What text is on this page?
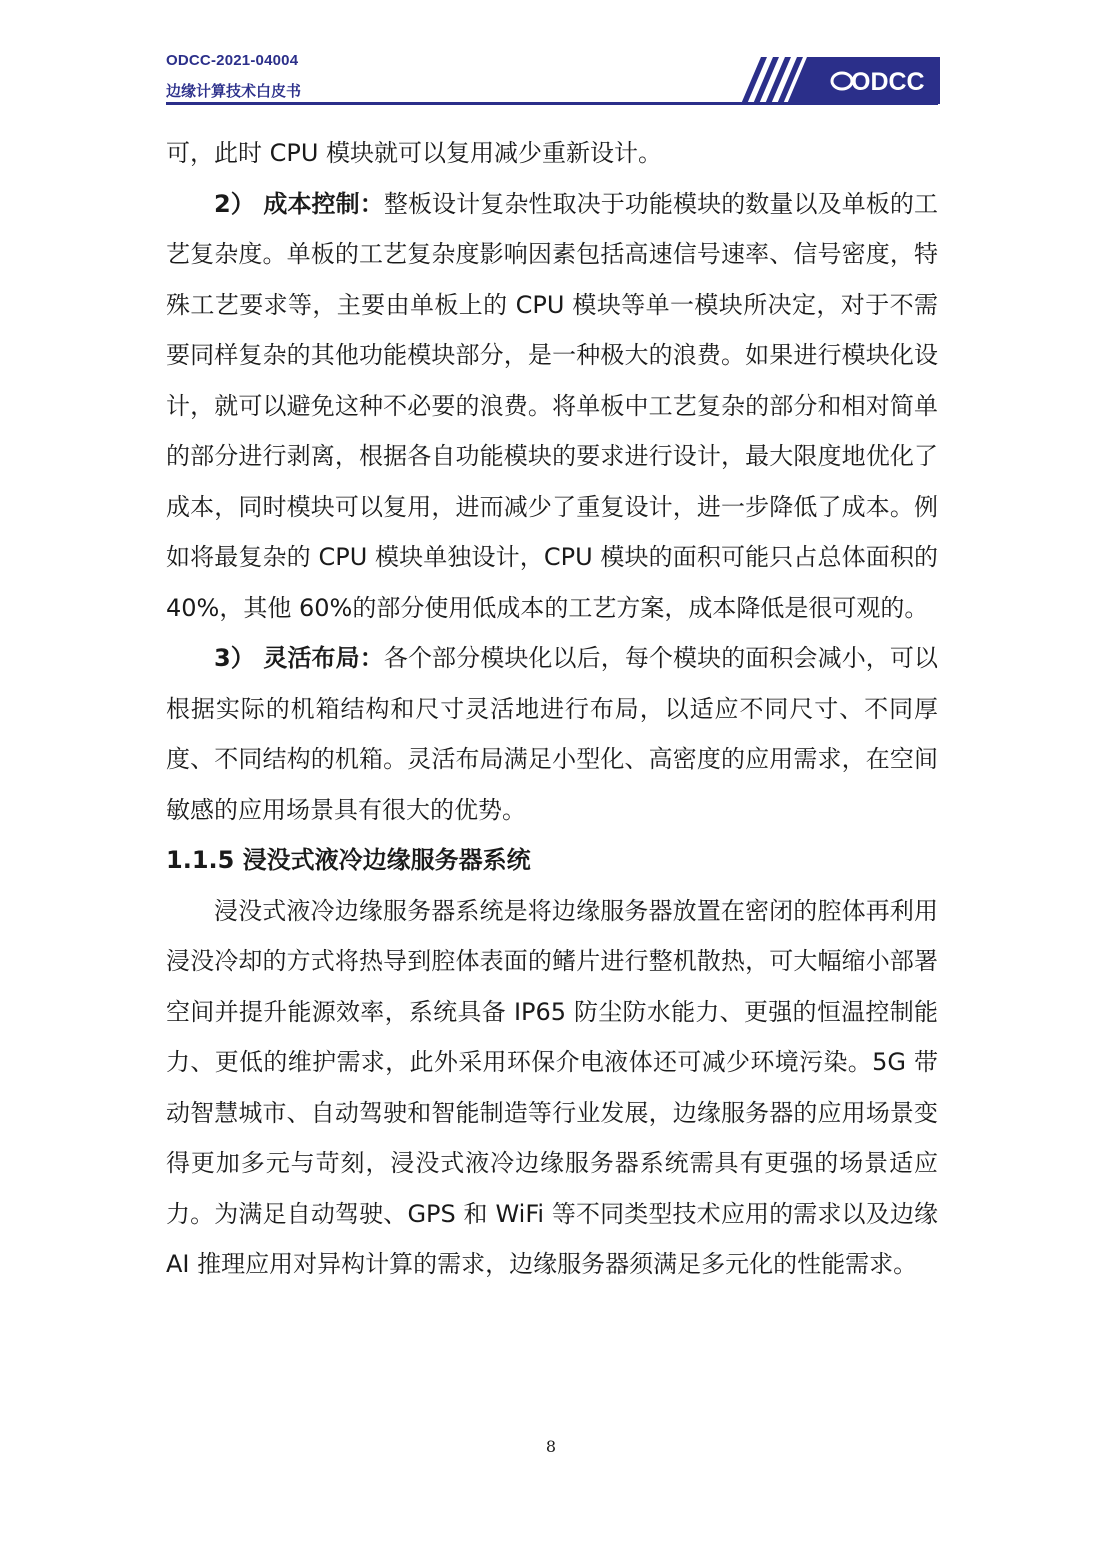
ODCC-2021-04004
边缘计算技术白皮书	ODCC

可，此时 CPU 模块就可以复用减少重新设计。

2） 成本控制：整板设计复杂性取决于功能模块的数量以及单板的工艺复杂度。单板的工艺复杂度影响因素包括高速信号速率、信号密度，特殊工艺要求等，主要由单板上的 CPU 模块等单一模块所决定，对于不需要同样复杂的其他功能模块部分，是一种极大的浪费。如果进行模块化设计，就可以避免这种不必要的浪费。将单板中工艺复杂的部分和相对简单的部分进行剥离，根据各自功能模块的要求进行设计，最大限度地优化了成本，同时模块可以复用，进而减少了重复设计，进一步降低了成本。例如将最复杂的 CPU 模块单独设计，CPU 模块的面积可能只占总体面积的 40%，其他 60%的部分使用低成本的工艺方案，成本降低是很可观的。

3） 灵活布局：各个部分模块化以后，每个模块的面积会减小，可以根据实际的机箱结构和尺寸灵活地进行布局，以适应不同尺寸、不同厚度、不同结构的机箱。灵活布局满足小型化、高密度的应用需求，在空间敏感的应用场景具有很大的优势。

1.1.5 浸没式液冷边缘服务器系统

浸没式液冷边缘服务器系统是将边缘服务器放置在密闭的腔体再利用浸没冷却的方式将热导到腔体表面的鳍片进行整机散热，可大幅缩小部署空间并提升能源效率，系统具备 IP65 防尘防水能力、更强的恒温控制能力、更低的维护需求，此外采用环保介电液体还可减少环境污染。5G 带动智慧城市、自动驾驶和智能制造等行业发展，边缘服务器的应用场景变得更加多元与苛刻，浸没式液冷边缘服务器系统需具有更强的场景适应力。为满足自动驾驶、GPS 和 WiFi 等不同类型技术应用的需求以及边缘 AI 推理应用对异构计算的需求，边缘服务器须满足多元化的性能需求。

8
